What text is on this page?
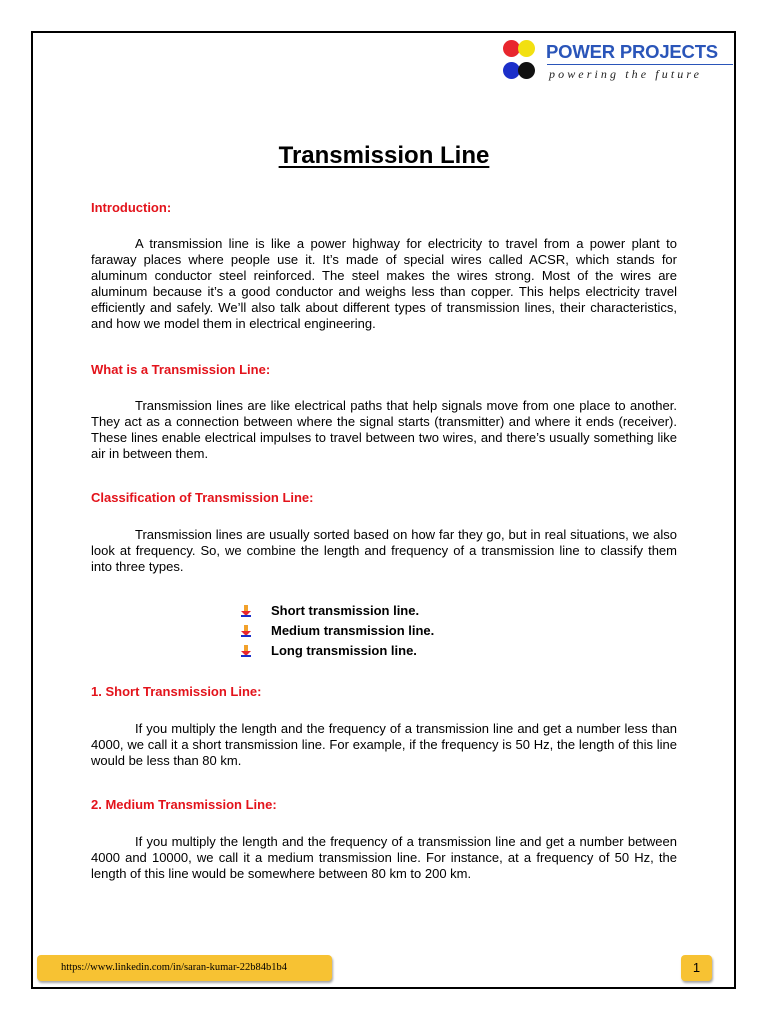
POWER PROJECTS
powering the future
Transmission Line
Introduction:
A transmission line is like a power highway for electricity to travel from a power plant to faraway places where people use it. It’s made of special wires called ACSR, which stands for aluminum conductor steel reinforced. The steel makes the wires strong. Most of the wires are aluminum because it’s a good conductor and weighs less than copper. This helps electricity travel efficiently and safely. We’ll also talk about different types of transmission lines, their characteristics, and how we model them in electrical engineering.
What is a Transmission Line:
Transmission lines are like electrical paths that help signals move from one place to another. They act as a connection between where the signal starts (transmitter) and where it ends (receiver). These lines enable electrical impulses to travel between two wires, and there’s usually something like air in between them.
Classification of Transmission Line:
Transmission lines are usually sorted based on how far they go, but in real situations, we also look at frequency. So, we combine the length and frequency of a transmission line to classify them into three types.
Short transmission line.
Medium transmission line.
Long transmission line.
1. Short Transmission Line:
If you multiply the length and the frequency of a transmission line and get a number less than 4000, we call it a short transmission line. For example, if the frequency is 50 Hz, the length of this line would be less than 80 km.
2. Medium Transmission Line:
If you multiply the length and the frequency of a transmission line and get a number between 4000 and 10000, we call it a medium transmission line. For instance, at a frequency of 50 Hz, the length of this line would be somewhere between 80 km to 200 km.
https://www.linkedin.com/in/saran-kumar-22b84b1b4	1
